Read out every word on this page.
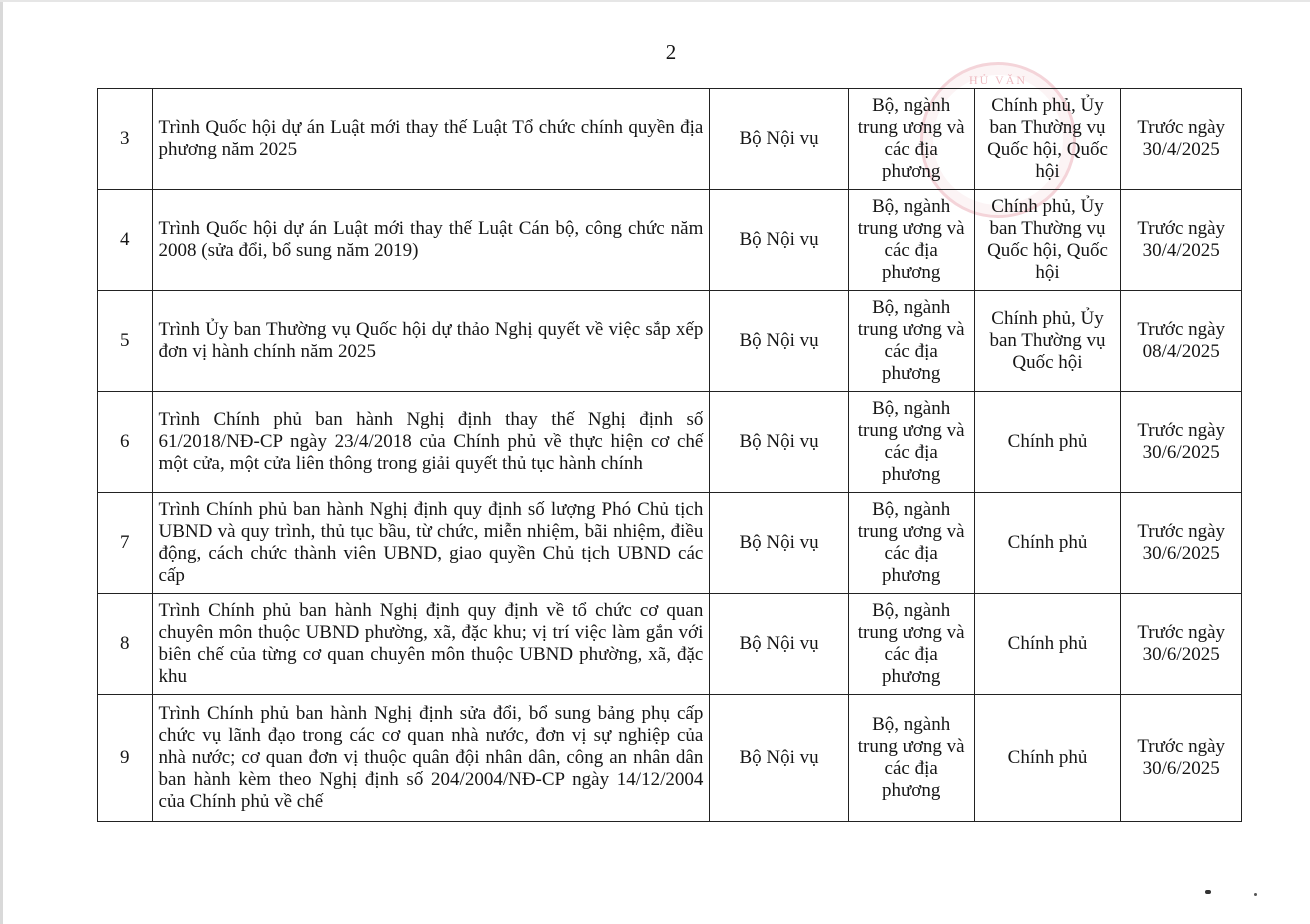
2
HỦ VĂN
3	Trình Quốc hội dự án Luật mới thay thế Luật Tổ chức chính quyền địa phương năm 2025	Bộ Nội vụ	Bộ, ngành trung ương và các địa phương	Chính phủ, Ủy ban Thường vụ Quốc hội, Quốc hội	Trước ngày 30/4/2025
4	Trình Quốc hội dự án Luật mới thay thế Luật Cán bộ, công chức năm 2008 (sửa đổi, bổ sung năm 2019)	Bộ Nội vụ	Bộ, ngành trung ương và các địa phương	Chính phủ, Ủy ban Thường vụ Quốc hội, Quốc hội	Trước ngày 30/4/2025
5	Trình Ủy ban Thường vụ Quốc hội dự thảo Nghị quyết về việc sắp xếp đơn vị hành chính năm 2025	Bộ Nội vụ	Bộ, ngành trung ương và các địa phương	Chính phủ, Ủy ban Thường vụ Quốc hội	Trước ngày 08/4/2025
6	Trình Chính phủ ban hành Nghị định thay thế Nghị định số 61/2018/NĐ-CP ngày 23/4/2018 của Chính phủ về thực hiện cơ chế một cửa, một cửa liên thông trong giải quyết thủ tục hành chính	Bộ Nội vụ	Bộ, ngành trung ương và các địa phương	Chính phủ	Trước ngày 30/6/2025
7	Trình Chính phủ ban hành Nghị định quy định số lượng Phó Chủ tịch UBND và quy trình, thủ tục bầu, từ chức, miễn nhiệm, bãi nhiệm, điều động, cách chức thành viên UBND, giao quyền Chủ tịch UBND các cấp	Bộ Nội vụ	Bộ, ngành trung ương và các địa phương	Chính phủ	Trước ngày 30/6/2025
8	Trình Chính phủ ban hành Nghị định quy định về tổ chức cơ quan chuyên môn thuộc UBND phường, xã, đặc khu; vị trí việc làm gắn với biên chế của từng cơ quan chuyên môn thuộc UBND phường, xã, đặc khu	Bộ Nội vụ	Bộ, ngành trung ương và các địa phương	Chính phủ	Trước ngày 30/6/2025
9	Trình Chính phủ ban hành Nghị định sửa đổi, bổ sung bảng phụ cấp chức vụ lãnh đạo trong các cơ quan nhà nước, đơn vị sự nghiệp của nhà nước; cơ quan đơn vị thuộc quân đội nhân dân, công an nhân dân ban hành kèm theo Nghị định số 204/2004/NĐ-CP ngày 14/12/2004 của Chính phủ về chế	Bộ Nội vụ	Bộ, ngành trung ương và các địa phương	Chính phủ	Trước ngày 30/6/2025
